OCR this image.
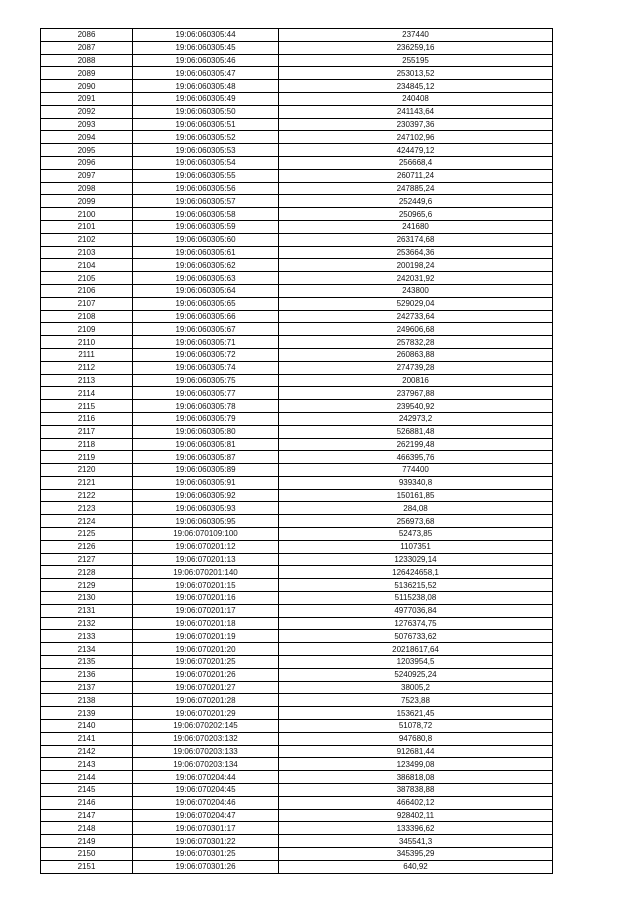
2086	19:06:060305:44	237440
2087	19:06:060305:45	236259,16
2088	19:06:060305:46	255195
2089	19:06:060305:47	253013,52
2090	19:06:060305:48	234845,12
2091	19:06:060305:49	240408
2092	19:06:060305:50	241143,64
2093	19:06:060305:51	230397,36
2094	19:06:060305:52	247102,96
2095	19:06:060305:53	424479,12
2096	19:06:060305:54	256668,4
2097	19:06:060305:55	260711,24
2098	19:06:060305:56	247885,24
2099	19:06:060305:57	252449,6
2100	19:06:060305:58	250965,6
2101	19:06:060305:59	241680
2102	19:06:060305:60	263174,68
2103	19:06:060305:61	253664,36
2104	19:06:060305:62	200198,24
2105	19:06:060305:63	242031,92
2106	19:06:060305:64	243800
2107	19:06:060305:65	529029,04
2108	19:06:060305:66	242733,64
2109	19:06:060305:67	249606,68
2110	19:06:060305:71	257832,28
2111	19:06:060305:72	260863,88
2112	19:06:060305:74	274739,28
2113	19:06:060305:75	200816
2114	19:06:060305:77	237967,88
2115	19:06:060305:78	239540,92
2116	19:06:060305:79	242973,2
2117	19:06:060305:80	526881,48
2118	19:06:060305:81	262199,48
2119	19:06:060305:87	466395,76
2120	19:06:060305:89	774400
2121	19:06:060305:91	939340,8
2122	19:06:060305:92	150161,85
2123	19:06:060305:93	284,08
2124	19:06:060305:95	256973,68
2125	19:06:070109:100	52473,85
2126	19:06:070201:12	1107351
2127	19:06:070201:13	1233029,14
2128	19:06:070201:140	126424658,1
2129	19:06:070201:15	5136215,52
2130	19:06:070201:16	5115238,08
2131	19:06:070201:17	4977036,84
2132	19:06:070201:18	1276374,75
2133	19:06:070201:19	5076733,62
2134	19:06:070201:20	20218617,64
2135	19:06:070201:25	1203954,5
2136	19:06:070201:26	5240925,24
2137	19:06:070201:27	38005,2
2138	19:06:070201:28	7523,88
2139	19:06:070201:29	153621,45
2140	19:06:070202:145	51078,72
2141	19:06:070203:132	947680,8
2142	19:06:070203:133	912681,44
2143	19:06:070203:134	123499,08
2144	19:06:070204:44	386818,08
2145	19:06:070204:45	387838,88
2146	19:06:070204:46	466402,12
2147	19:06:070204:47	928402,11
2148	19:06:070301:17	133396,62
2149	19:06:070301:22	345541,3
2150	19:06:070301:25	345395,29
2151	19:06:070301:26	640,92
